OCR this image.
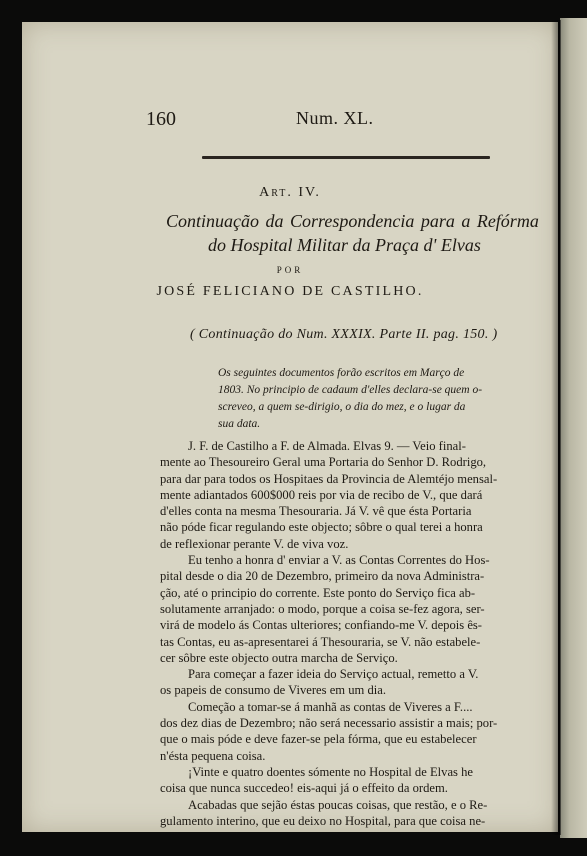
160	Num. XL.
Art. IV.
Continuação da Correspondencia para a Refórma
do Hospital Militar da Praça d' Elvas
POR
JOSÉ FELICIANO DE CASTILHO.
( Continuação do Num. XXXIX. Parte II. pag. 150. )
Os seguintes documentos forão escritos em Março de
1803. No principio de cadaum d'elles declara-se quem o-
screveo, a quem se-dirigio, o dia do mez, e o lugar da
sua data.
J. F. de Castilho a F. de Almada. Elvas 9. — Veio final-
mente ao Thesoureiro Geral uma Portaria do Senhor D. Rodrigo,
para dar para todos os Hospitaes da Provincia de Alemtéjo mensal-
mente adiantados 600$000 reis por via de recibo de V., que dará
d'elles conta na mesma Thesouraria. Já V. vê que ésta Portaria
não póde ficar regulando este objecto; sôbre o qual terei a honra
de reflexionar perante V. de viva voz.
Eu tenho a honra d' enviar a V. as Contas Correntes do Hos-
pital desde o dia 20 de Dezembro, primeiro da nova Administra-
ção, até o principio do corrente. Este ponto do Serviço fica ab-
solutamente arranjado: o modo, porque a coisa se-fez agora, ser-
virá de modelo ás Contas ulteriores; confiando-me V. depois ês-
tas Contas, eu as-apresentarei á Thesouraria, se V. não estabele-
cer sôbre este objecto outra marcha de Serviço.
Para começar a fazer ideia do Serviço actual, remetto a V.
os papeis de consumo de Viveres em um dia.
Começão a tomar-se á manhã as contas de Viveres a F....
dos dez dias de Dezembro; não será necessario assistir a mais; por-
que o mais póde e deve fazer-se pela fórma, que eu estabelecer
n'ésta pequena coisa.
¡Vinte e quatro doentes sómente no Hospital de Elvas he
coisa que nunca succedeo! eis-aqui já o effeito da ordem.
Acabadas que sejão éstas poucas coisas, que restão, e o Re-
gulamento interino, que eu deixo no Hospital, para que coisa ne-
